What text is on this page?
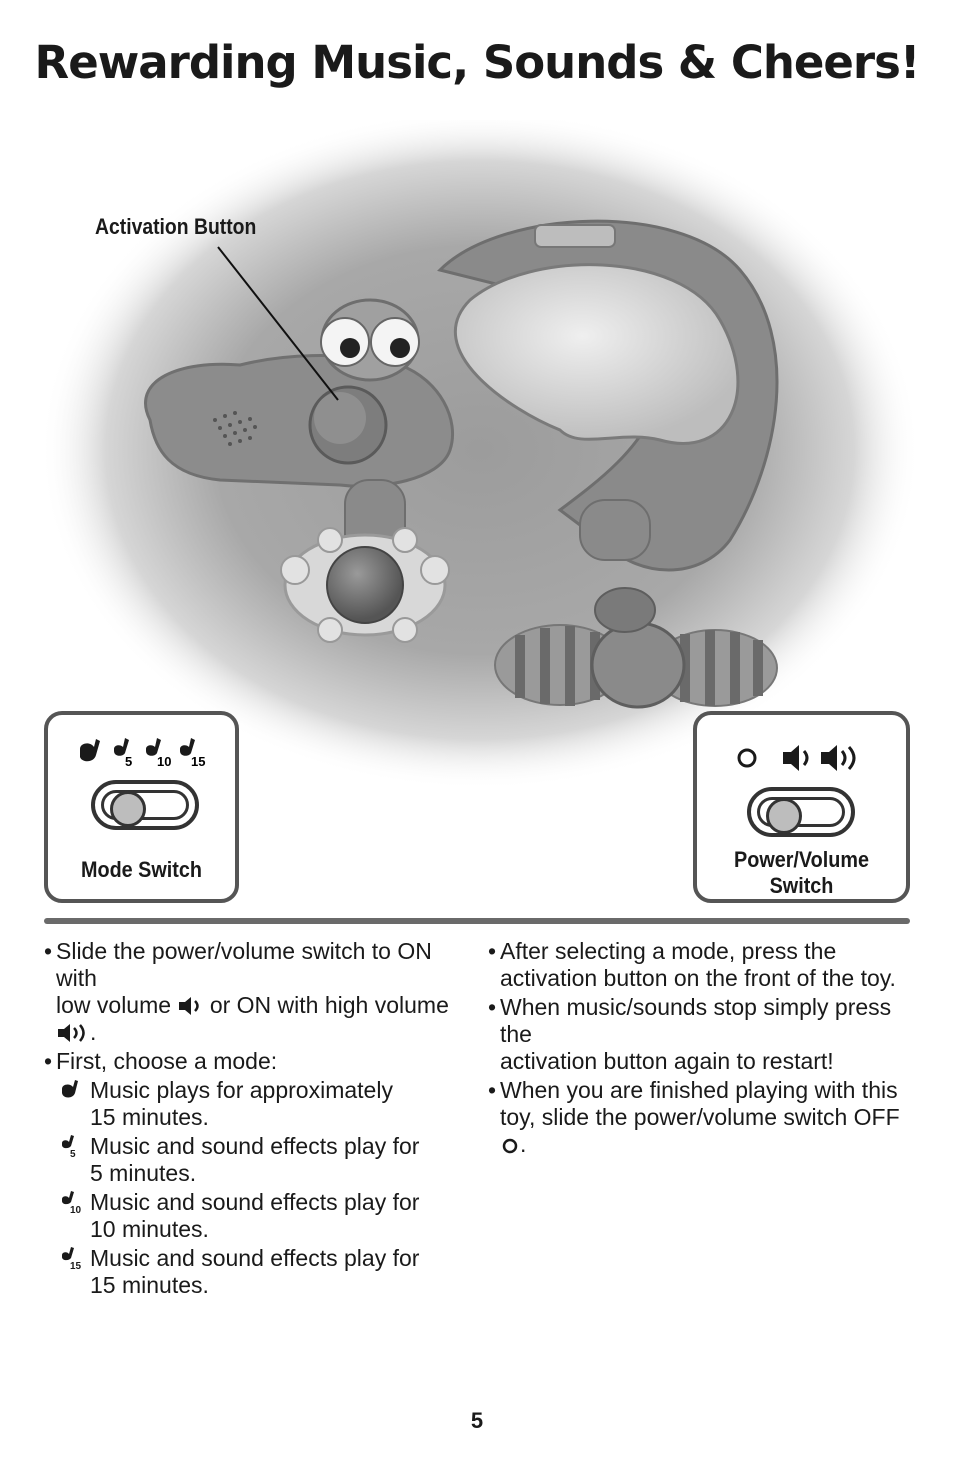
Rewarding Music, Sounds & Cheers!
Activation Button
5 10 15
Mode Switch	Power/Volume
Switch
• Slide the power/volume switch to ON with
low volume or ON with high volume .
• First, choose a mode:
Music plays for approximately
15 minutes.
5 Music and sound effects play for
5 minutes.
10 Music and sound effects play for
10 minutes.
15 Music and sound effects play for
15 minutes.
• After selecting a mode, press the
activation button on the front of the toy.
• When music/sounds stop simply press the
activation button again to restart!
• When you are finished playing with this
toy, slide the power/volume switch OFF .
5
